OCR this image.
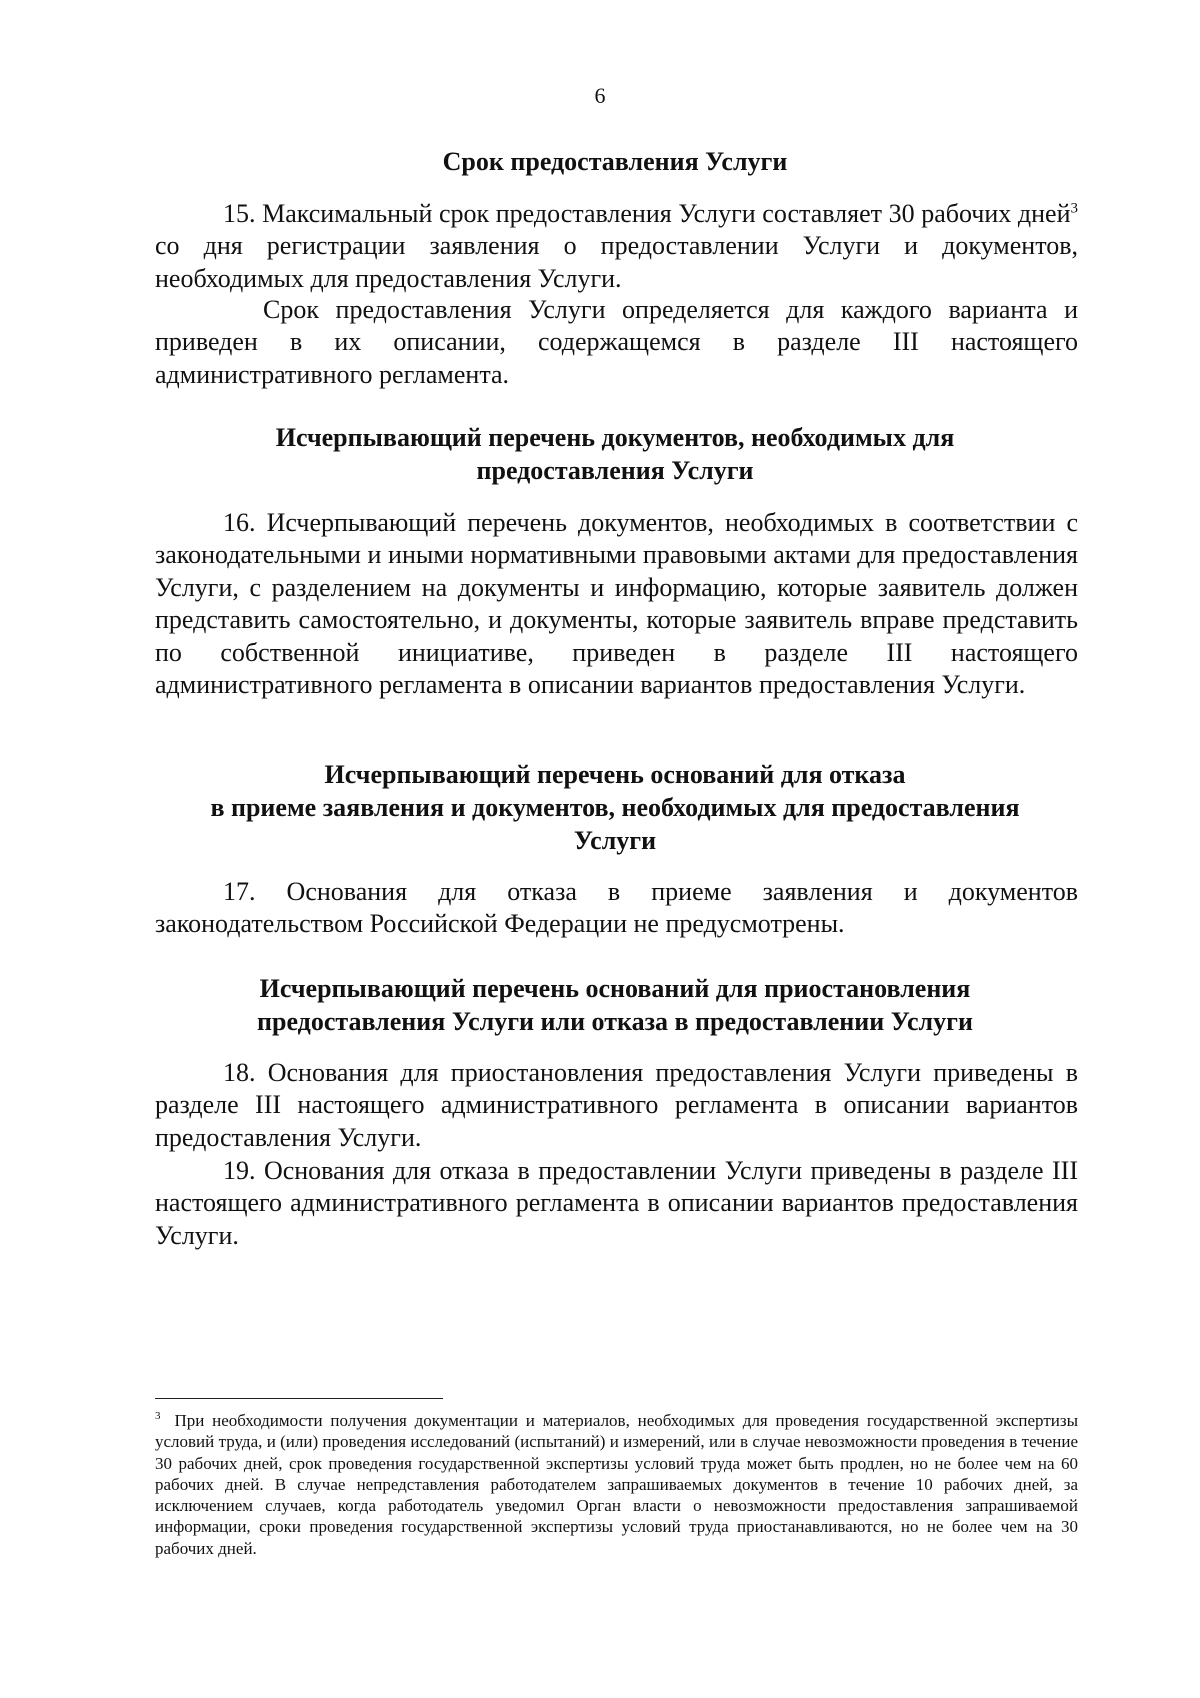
6
Срок предоставления Услуги

15. Максимальный срок предоставления Услуги составляет 30 рабочих дней$^3$ со дня регистрации заявления о предоставлении Услуги и документов, необходимых для предоставления Услуги.

Срок предоставления Услуги определяется для каждого варианта и приведен в их описании, содержащемся в разделе III настоящего административного регламента.

Исчерпывающий перечень документов, необходимых для
предоставления Услуги

16. Исчерпывающий перечень документов, необходимых в соответствии с законодательными и иными нормативными правовыми актами для предоставления Услуги, с разделением на документы и информацию, которые заявитель должен представить самостоятельно, и документы, которые заявитель вправе представить по собственной инициативе, приведен в разделе III настоящего административного регламента в описании вариантов предоставления Услуги.

Исчерпывающий перечень оснований для отказа
в приеме заявления и документов, необходимых для предоставления
Услуги

17. Основания для отказа в приеме заявления и документов законодательством Российской Федерации не предусмотрены.

Исчерпывающий перечень оснований для приостановления
предоставления Услуги или отказа в предоставлении Услуги

18. Основания для приостановления предоставления Услуги приведены в разделе III настоящего административного регламента в описании вариантов предоставления Услуги.

19. Основания для отказа в предоставлении Услуги приведены в разделе III настоящего административного регламента в описании вариантов предоставления Услуги.

$^3$ При необходимости получения документации и материалов, необходимых для проведения государственной экспертизы условий труда, и (или) проведения исследований (испытаний) и измерений, или в случае невозможности проведения в течение 30 рабочих дней, срок проведения государственной экспертизы условий труда может быть продлен, но не более чем на 60 рабочих дней. В случае непредставления работодателем запрашиваемых документов в течение 10 рабочих дней, за исключением случаев, когда работодатель уведомил Орган власти о невозможности предоставления запрашиваемой информации, сроки проведения государственной экспертизы условий труда приостанавливаются, но не более чем на 30 рабочих дней.
